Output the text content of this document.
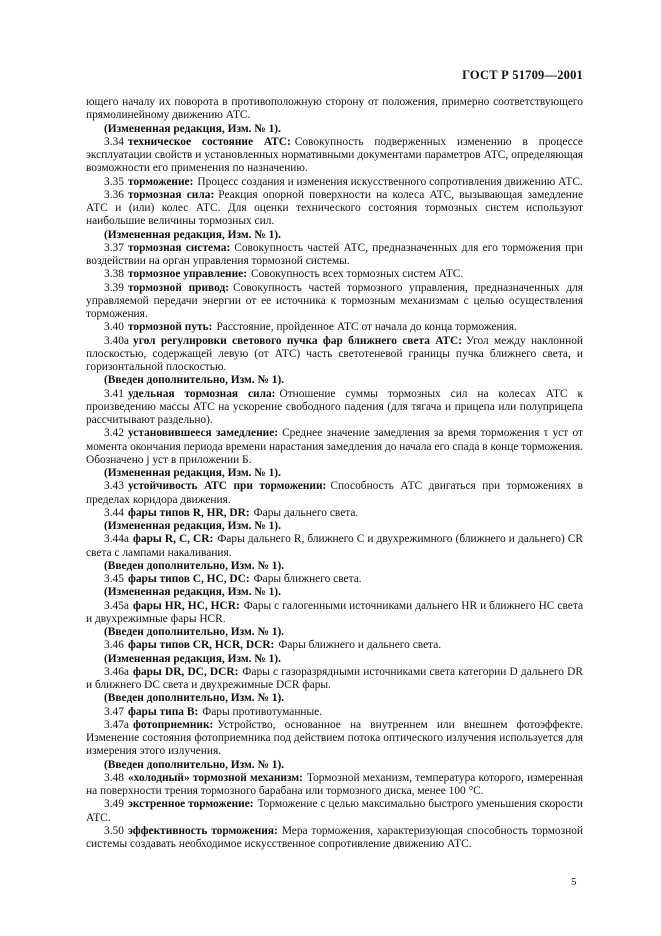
ГОСТ Р 51709—2001

ющего началу их поворота в противоположную сторону от положения, примерно соответствующего прямолинейному движению АТС.

(Измененная редакция, Изм. № 1).

3.34 техническое состояние АТС: Совокупность подверженных изменению в процессе эксплуатации свойств и установленных нормативными документами параметров АТС, определяющая возможности его применения по назначению.

3.35 торможение: Процесс создания и изменения искусственного сопротивления движению АТС.

3.36 тормозная сила: Реакция опорной поверхности на колеса АТС, вызывающая замедление АТС и (или) колес АТС. Для оценки технического состояния тормозных систем используют наибольшие величины тормозных сил.

(Измененная редакция, Изм. № 1).

3.37 тормозная система: Совокупность частей АТС, предназначенных для его торможения при воздействии на орган управления тормозной системы.

3.38 тормозное управление: Совокупность всех тормозных систем АТС.

3.39 тормозной привод: Совокупность частей тормозного управления, предназначенных для управляемой передачи энергии от ее источника к тормозным механизмам с целью осуществления торможения.

3.40 тормозной путь: Расстояние, пройденное АТС от начала до конца торможения.

3.40а угол регулировки светового пучка фар ближнего света АТС: Угол между наклонной плоскостью, содержащей левую (от АТС) часть светотеневой границы пучка ближнего света, и горизонтальной плоскостью.

(Введен дополнительно, Изм. № 1).

3.41 удельная тормозная сила: Отношение суммы тормозных сил на колесах АТС к произведению массы АТС на ускорение свободного падения (для тягача и прицепа или полуприцепа рассчитывают раздельно).

3.42 установившееся замедление: Среднее значение замедления за время торможения τ уст от момента окончания периода времени нарастания замедления до начала его спада в конце торможения. Обозначено j уст в приложении Б.

(Измененная редакция, Изм. № 1).

3.43 устойчивость АТС при торможении: Способность АТС двигаться при торможениях в пределах коридора движения.

3.44 фары типов R, HR, DR: Фары дальнего света.

(Измененная редакция, Изм. № 1).

3.44а фары R, C, CR: Фары дальнего R, ближнего C и двухрежимного (ближнего и дальнего) CR света с лампами накаливания.

(Введен дополнительно, Изм. № 1).

3.45 фары типов C, HC, DC: Фары ближнего света.

(Измененная редакция, Изм. № 1).

3.45а фары HR, HC, HCR: Фары с галогенными источниками дальнего HR и ближнего HC света и двухрежимные фары HCR.

(Введен дополнительно, Изм. № 1).

3.46 фары типов CR, HCR, DCR: Фары ближнего и дальнего света.

(Измененная редакция, Изм. № 1).

3.46а фары DR, DC, DCR: Фары с газоразрядными источниками света категории D дальнего DR и ближнего DC света и двухрежимные DCR фары.

(Введен дополнительно, Изм. № 1).

3.47 фары типа B: Фары противотуманные.

3.47а фотоприемник: Устройство, основанное на внутреннем или внешнем фотоэффекте. Изменение состояния фотоприемника под действием потока оптического излучения используется для измерения этого излучения.

(Введен дополнительно, Изм. № 1).

3.48 «холодный» тормозной механизм: Тормозной механизм, температура которого, измеренная на поверхности трения тормозного барабана или тормозного диска, менее 100 °С.

3.49 экстренное торможение: Торможение с целью максимально быстрого уменьшения скорости АТС.

3.50 эффективность торможения: Мера торможения, характеризующая способность тормозной системы создавать необходимое искусственное сопротивление движению АТС.

5
